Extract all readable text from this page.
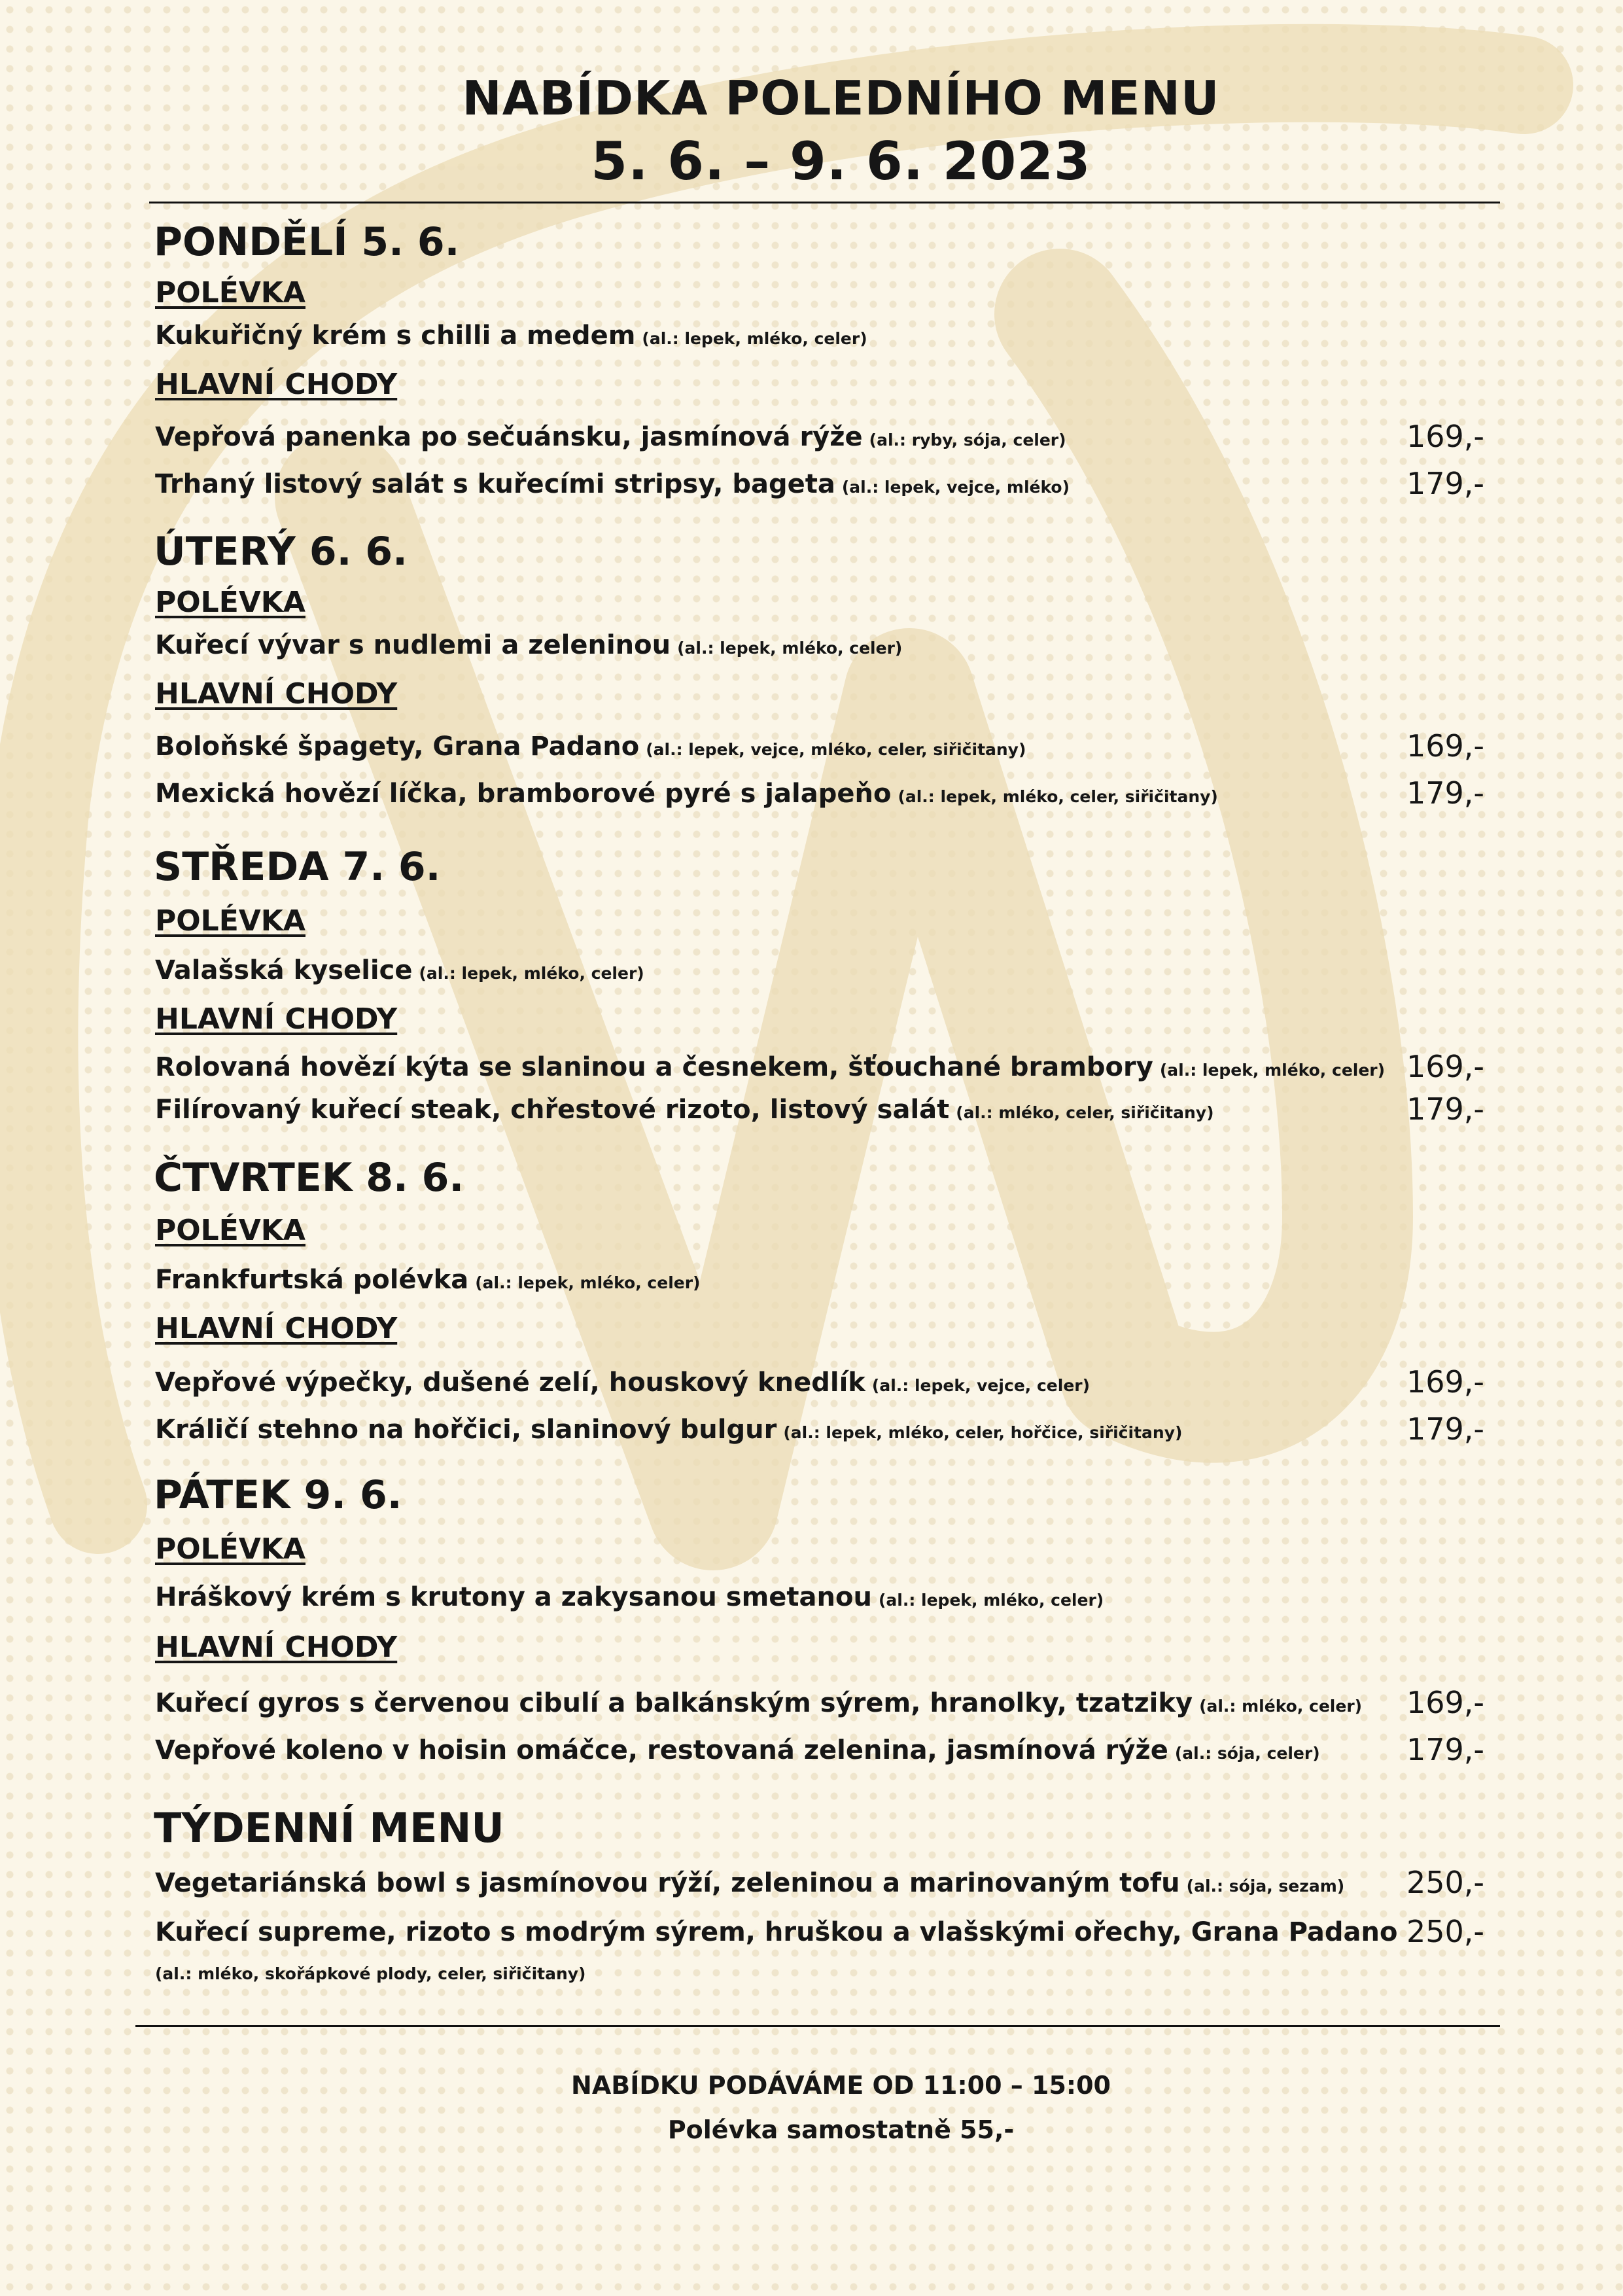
NABÍDKA POLEDNÍHO MENU
5. 6. – 9. 6. 2023
PONDĚLÍ 5. 6.
POLÉVKA
Kukuřičný krém s chilli a medem (al.: lepek, mléko, celer)
HLAVNÍ CHODY
Vepřová panenka po sečuánsku, jasmínová rýže (al.: ryby, sója, celer)	169,-
Trhaný listový salát s kuřecími stripsy, bageta (al.: lepek, vejce, mléko)	179,-
ÚTERÝ 6. 6.
POLÉVKA
Kuřecí vývar s nudlemi a zeleninou (al.: lepek, mléko, celer)
HLAVNÍ CHODY
Boloňské špagety, Grana Padano (al.: lepek, vejce, mléko, celer, siřičitany)	169,-
Mexická hovězí líčka, bramborové pyré s jalapeňo (al.: lepek, mléko, celer, siřičitany)	179,-
STŘEDA 7. 6.
POLÉVKA
Valašská kyselice (al.: lepek, mléko, celer)
HLAVNÍ CHODY
Rolovaná hovězí kýta se slaninou a česnekem, šťouchané brambory (al.: lepek, mléko, celer) 169,-
Filírovaný kuřecí steak, chřestové rizoto, listový salát (al.: mléko, celer, siřičitany)	179,-
ČTVRTEK 8. 6.
POLÉVKA
Frankfurtská polévka (al.: lepek, mléko, celer)
HLAVNÍ CHODY
Vepřové výpečky, dušené zelí, houskový knedlík (al.: lepek, vejce, celer)	169,-
Králičí stehno na hořčici, slaninový bulgur (al.: lepek, mléko, celer, hořčice, siřičitany)	179,-
PÁTEK 9. 6.
POLÉVKA
Hráškový krém s krutony a zakysanou smetanou (al.: lepek, mléko, celer)
HLAVNÍ CHODY
Kuřecí gyros s červenou cibulí a balkánským sýrem, hranolky, tzatziky (al.: mléko, celer) 169,-
Vepřové koleno v hoisin omáčce, restovaná zelenina, jasmínová rýže (al.: sója, celer)	179,-
TÝDENNÍ MENU
Vegetariánská bowl s jasmínovou rýží, zeleninou a marinovaným tofu (al.: sója, sezam) 250,-
Kuřecí supreme, rizoto s modrým sýrem, hruškou a vlašskými ořechy, Grana Padano 250,-
(al.: mléko, skořápkové plody, celer, siřičitany)
NABÍDKU PODÁVÁME OD 11:00 – 15:00
Polévka samostatně 55,-
